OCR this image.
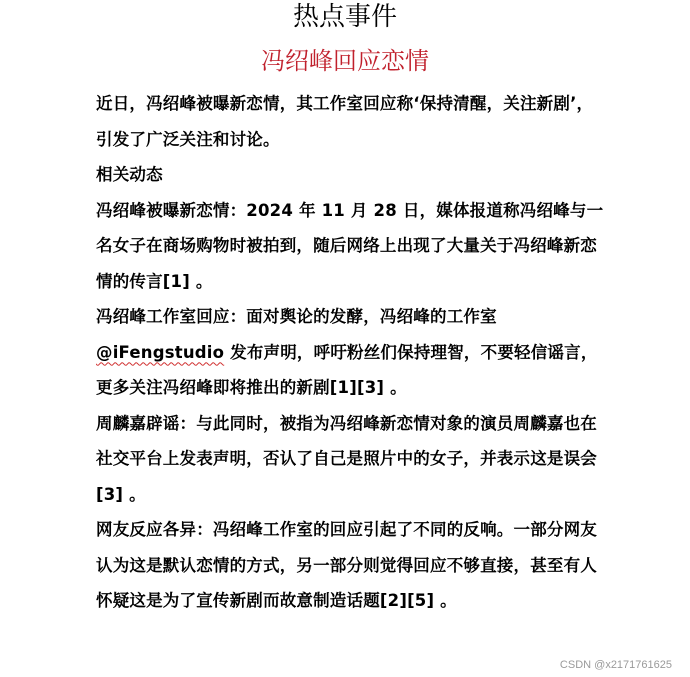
热点事件
冯绍峰回应恋情

近日，冯绍峰被曝新恋情，其工作室回应称‘保持清醒，关注新剧’，引发了广泛关注和讨论。

相关动态

冯绍峰被曝新恋情：2024 年 11 月 28 日，媒体报道称冯绍峰与一名女子在商场购物时被拍到，随后网络上出现了大量关于冯绍峰新恋情的传言[1] 。

冯绍峰工作室回应：面对舆论的发酵，冯绍峰的工作室 @iFengstudio 发布声明，呼吁粉丝们保持理智，不要轻信谣言，更多关注冯绍峰即将推出的新剧[1][3] 。

周麟嘉辟谣：与此同时，被指为冯绍峰新恋情对象的演员周麟嘉也在社交平台上发表声明，否认了自己是照片中的女子，并表示这是误会[3] 。

网友反应各异：冯绍峰工作室的回应引起了不同的反响。一部分网友认为这是默认恋情的方式，另一部分则觉得回应不够直接，甚至有人怀疑这是为了宣传新剧而故意制造话题[2][5] 。

CSDN @x2171761625
